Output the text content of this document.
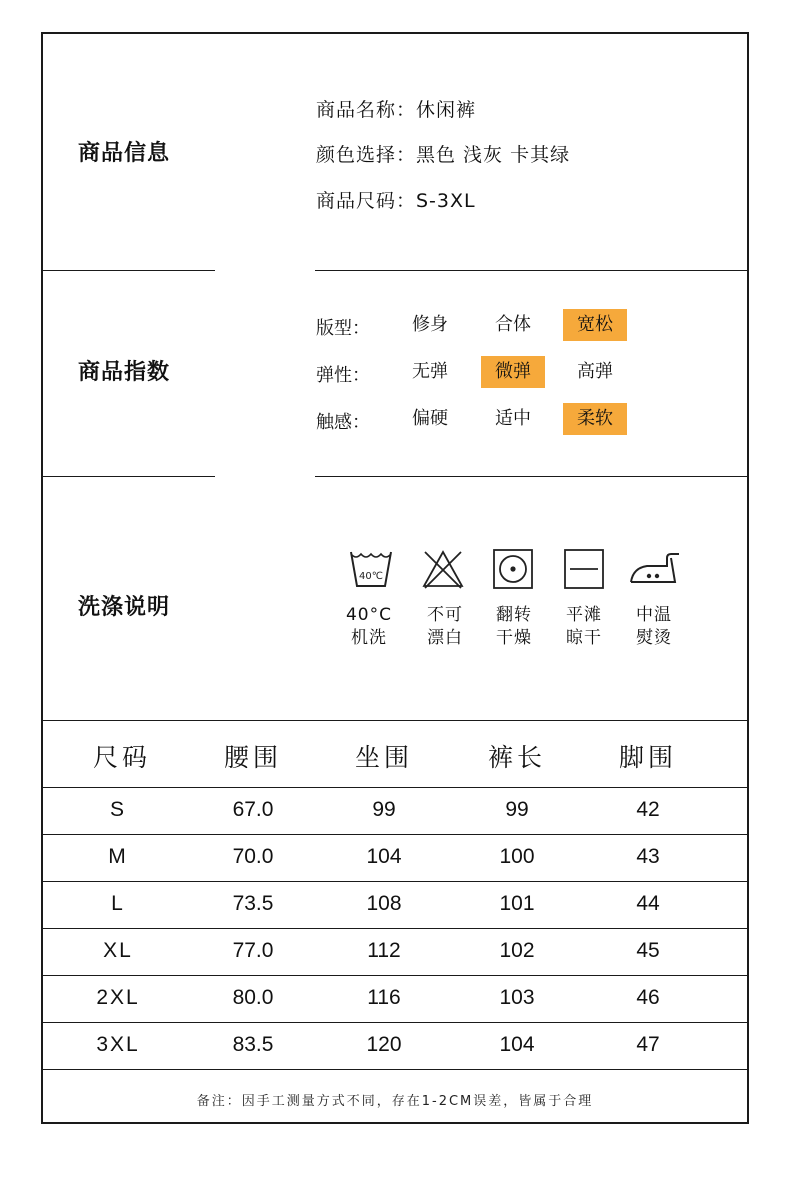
商品信息
商品名称：休闲裤
颜色选择：黑色 浅灰 卡其绿
商品尺码：S-3XL
商品指数
版型：	修身	合体	宽松
弹性：	无弹	微弹	高弹
触感：	偏硬	适中	柔软
洗涤说明
40℃
40°C
机洗
不可
漂白
翻转
干燥
平滩
晾干
中温
熨烫
尺码	腰围	坐围	裤长	脚围
S	67.0	99	99	42
M	70.0	104	100	43
L	73.5	108	101	44
XL	77.0	112	102	45
2XL	80.0	116	103	46
3XL	83.5	120	104	47
备注：因手工测量方式不同，存在1-2CM误差，皆属于合理
